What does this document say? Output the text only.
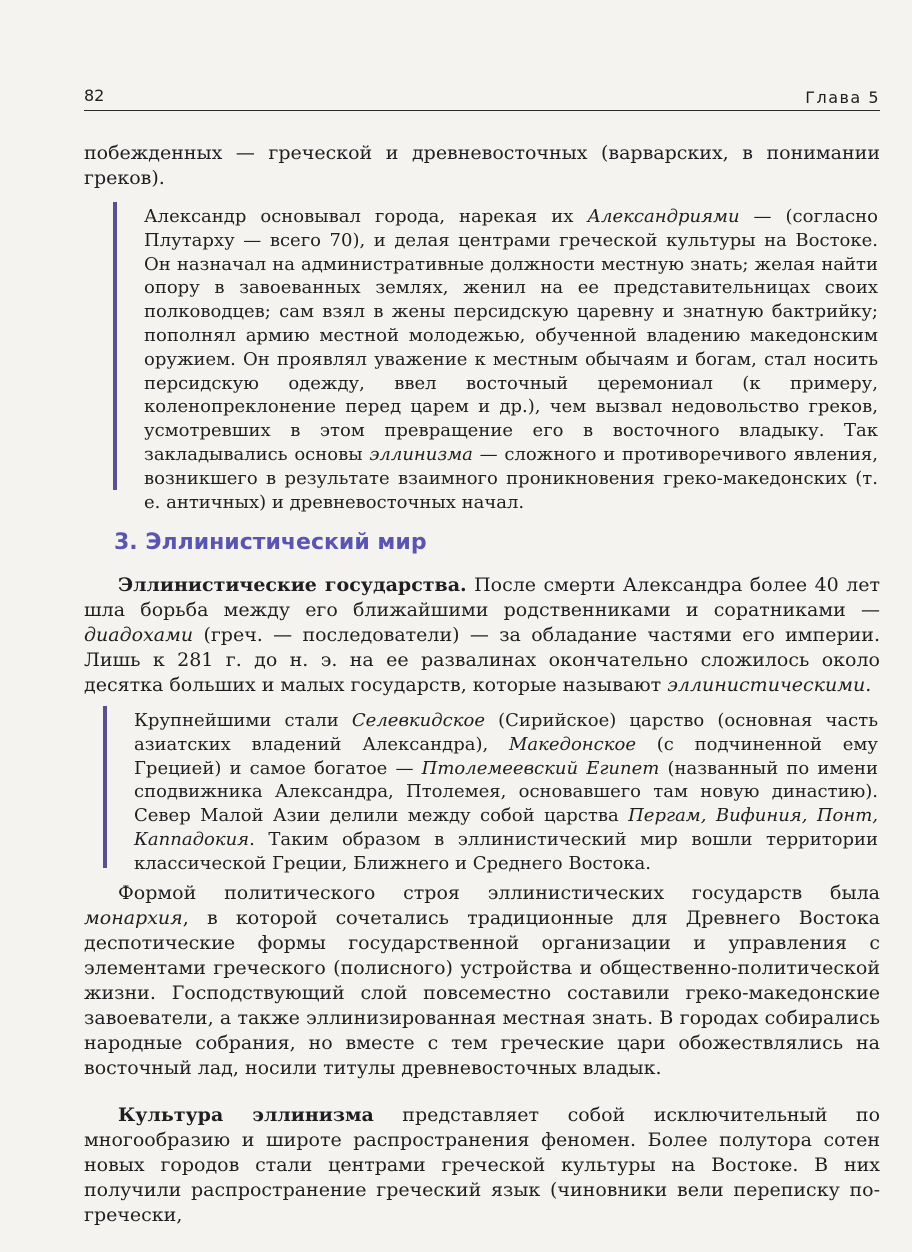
82	Глава 5

побежденных — греческой и древневосточных (варварских, в понимании греков).

Александр основывал города, нарекая их Александриями — (согласно Плутарху — всего 70), и делая центрами греческой культуры на Востоке. Он назначал на административные должности местную знать; желая найти опору в завоеванных землях, женил на ее представительницах своих полководцев; сам взял в жены персидскую царевну и знатную бактрийку; пополнял армию местной молодежью, обученной владению македонским оружием. Он проявлял уважение к местным обычаям и богам, стал носить персидскую одежду, ввел восточный церемониал (к примеру, коленопреклонение перед царем и др.), чем вызвал недовольство греков, усмотревших в этом превращение его в восточного владыку. Так закладывались основы эллинизма — сложного и противоречивого явления, возникшего в результате взаимного проникновения греко-македонских (т. е. античных) и древневосточных начал.

3. Эллинистический мир

Эллинистические государства. После смерти Александра более 40 лет шла борьба между его ближайшими родственниками и соратниками — диадохами (греч. — последователи) — за обладание частями его империи. Лишь к 281 г. до н. э. на ее развалинах окончательно сложилось около десятка больших и малых государств, которые называют эллинистическими.

Крупнейшими стали Селевкидское (Сирийское) царство (основная часть азиатских владений Александра), Македонское (с подчиненной ему Грецией) и самое богатое — Птолемеевский Египет (названный по имени сподвижника Александра, Птолемея, основавшего там новую династию). Север Малой Азии делили между собой царства Пергам, Вифиния, Понт, Каппадокия. Таким образом в эллинистический мир вошли территории классической Греции, Ближнего и Среднего Востока.

Формой политического строя эллинистических государств была монархия, в которой сочетались традиционные для Древнего Востока деспотические формы государственной организации и управления с элементами греческого (полисного) устройства и общественно-политической жизни. Господствующий слой повсеместно составили греко-македонские завоеватели, а также эллинизированная местная знать. В городах собирались народные собрания, но вместе с тем греческие цари обожествлялись на восточный лад, носили титулы древневосточных владык.

Культура эллинизма представляет собой исключительный по многообразию и широте распространения феномен. Более полутора сотен новых городов стали центрами греческой культуры на Востоке. В них получили распространение греческий язык (чиновники вели переписку по-гречески,
